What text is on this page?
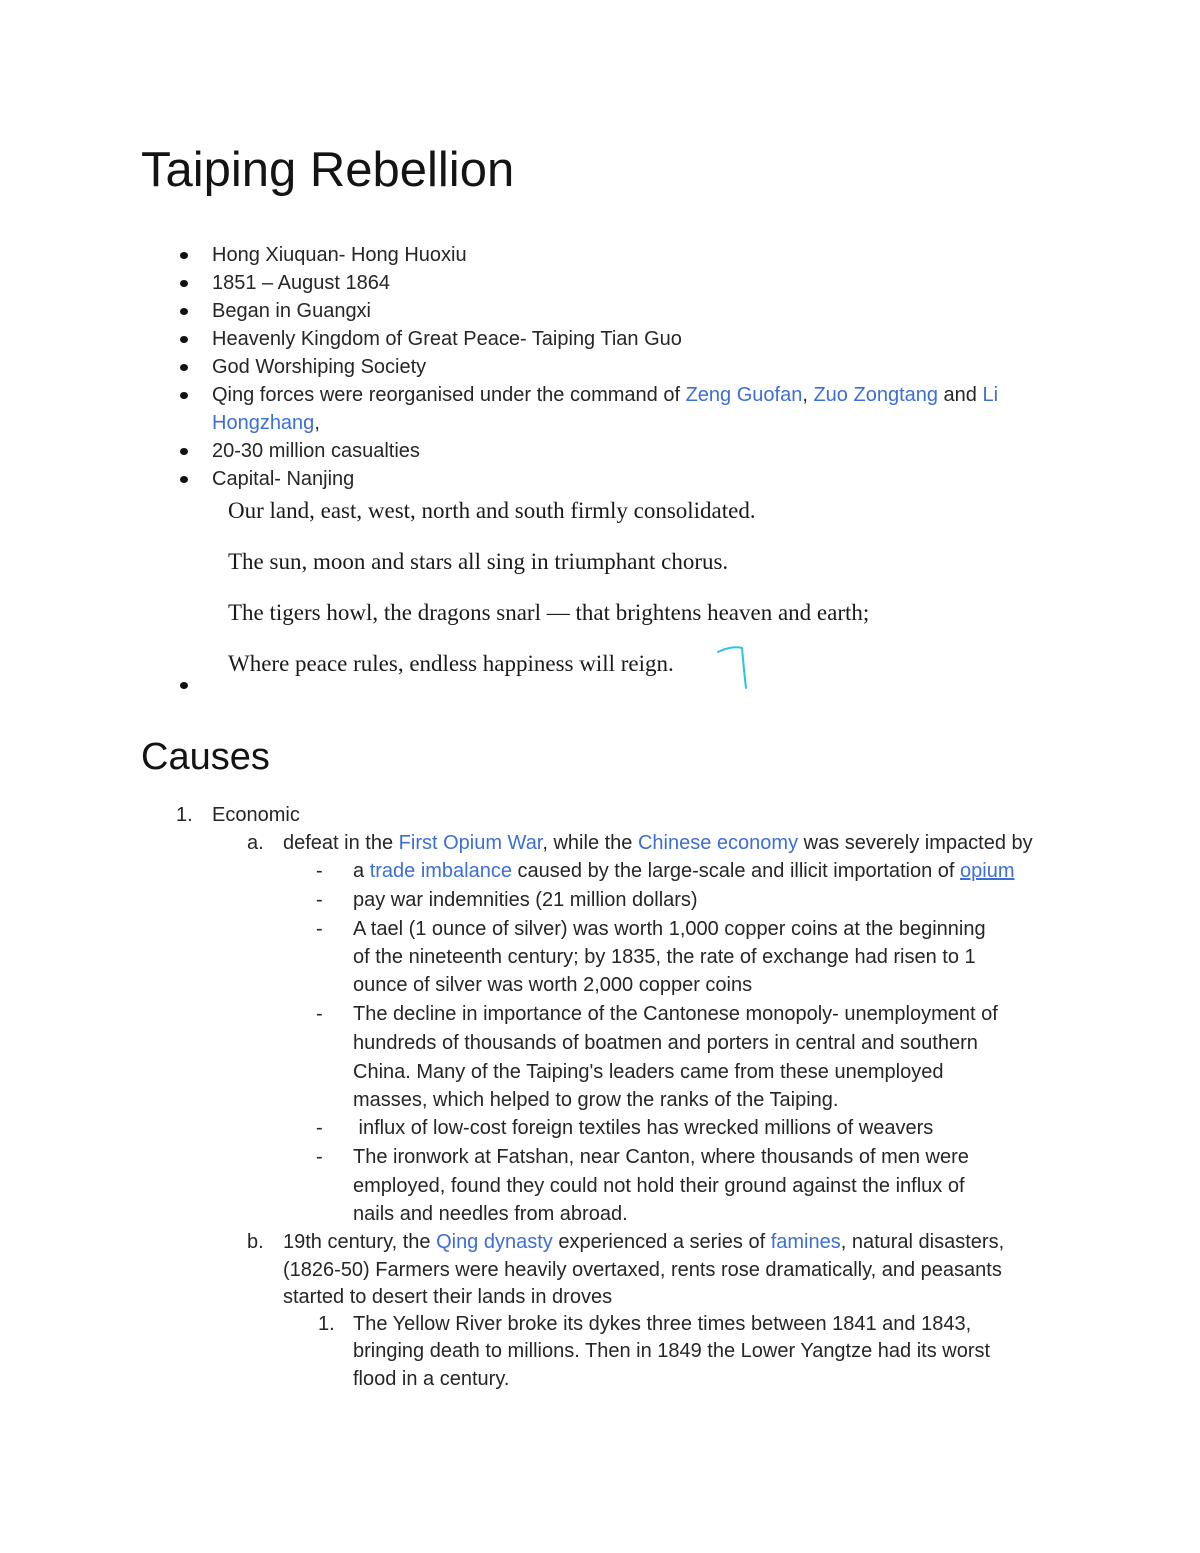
Taiping Rebellion
Hong Xiuquan- Hong Huoxiu
1851 – August 1864
Began in Guangxi
Heavenly Kingdom of Great Peace- Taiping Tian Guo
God Worshiping Society
Qing forces were reorganised under the command of Zeng Guofan, Zuo Zongtang and Li
Hongzhang,
20-30 million casualties
Capital- Nanjing

Our land, east, west, north and south firmly consolidated.

The sun, moon and stars all sing in triumphant chorus.

The tigers howl, the dragons snarl — that brightens heaven and earth;

Where peace rules, endless happiness will reign.

Causes
1. Economic
a. defeat in the First Opium War, while the Chinese economy was severely impacted by
- a trade imbalance caused by the large-scale and illicit importation of opium
- pay war indemnities (21 million dollars)
- A tael (1 ounce of silver) was worth 1,000 copper coins at the beginning
of the nineteenth century; by 1835, the rate of exchange had risen to 1
ounce of silver was worth 2,000 copper coins
- The decline in importance of the Cantonese monopoly- unemployment of
hundreds of thousands of boatmen and porters in central and southern
China. Many of the Taiping's leaders came from these unemployed
masses, which helped to grow the ranks of the Taiping.
- influx of low-cost foreign textiles has wrecked millions of weavers
- The ironwork at Fatshan, near Canton, where thousands of men were
employed, found they could not hold their ground against the influx of
nails and needles from abroad.
b. 19th century, the Qing dynasty experienced a series of famines, natural disasters,
(1826-50) Farmers were heavily overtaxed, rents rose dramatically, and peasants
started to desert their lands in droves
1. The Yellow River broke its dykes three times between 1841 and 1843,
bringing death to millions. Then in 1849 the Lower Yangtze had its worst
flood in a century.
